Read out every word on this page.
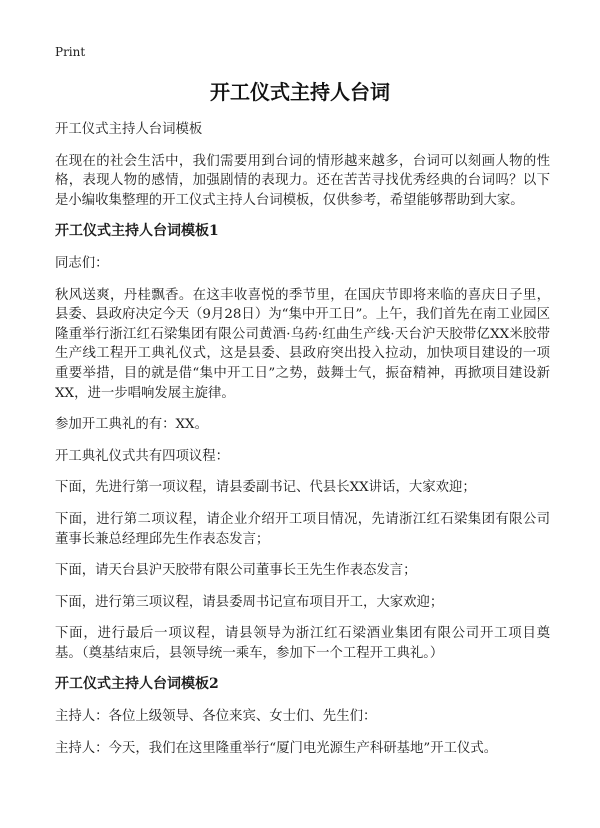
Print
开工仪式主持人台词

开工仪式主持人台词模板

在现在的社会生活中，我们需要用到台词的情形越来越多，台词可以刻画人物的性格，表现人物的感情，加强剧情的表现力。还在苦苦寻找优秀经典的台词吗？以下是小编收集整理的开工仪式主持人台词模板，仅供参考，希望能够帮助到大家。

开工仪式主持人台词模板1

同志们：

秋风送爽，丹桂飘香。在这丰收喜悦的季节里，在国庆节即将来临的喜庆日子里，县委、县政府决定今天（9月28日）为“集中开工日”。上午，我们首先在南工业园区隆重举行浙江红石梁集团有限公司黄酒·乌药·红曲生产线·天台沪天胶带亿XX米胶带生产线工程开工典礼仪式，这是县委、县政府突出投入拉动，加快项目建设的一项重要举措，目的就是借“集中开工日”之势，鼓舞士气，振奋精神，再掀项目建设新XX，进一步唱响发展主旋律。

参加开工典礼的有：XX。

开工典礼仪式共有四项议程：

下面，先进行第一项议程，请县委副书记、代县长XX讲话，大家欢迎；

下面，进行第二项议程，请企业介绍开工项目情况，先请浙江红石梁集团有限公司董事长兼总经理邱先生作表态发言；

下面，请天台县沪天胶带有限公司董事长王先生作表态发言；

下面，进行第三项议程，请县委周书记宣布项目开工，大家欢迎；

下面，进行最后一项议程，请县领导为浙江红石梁酒业集团有限公司开工项目奠基。（奠基结束后，县领导统一乘车，参加下一个工程开工典礼。）

开工仪式主持人台词模板2

主持人：各位上级领导、各位来宾、女士们、先生们：

主持人：今天，我们在这里隆重举行“厦门电光源生产科研基地”开工仪式。
